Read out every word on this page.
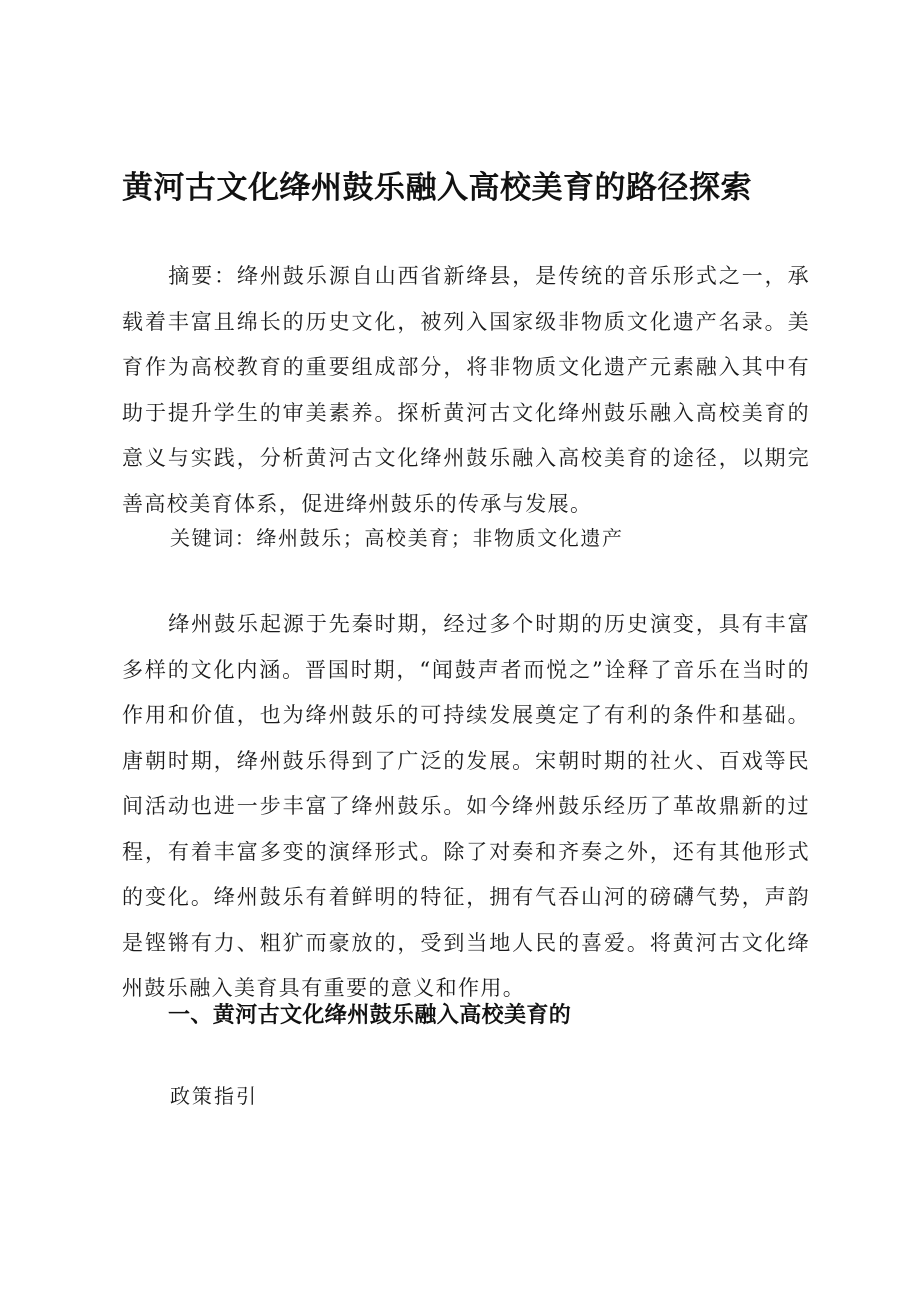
黄河古文化绛州鼓乐融入高校美育的路径探索

摘要：绛州鼓乐源自山西省新绛县，是传统的音乐形式之一，承载着丰富且绵长的历史文化，被列入国家级非物质文化遗产名录。美育作为高校教育的重要组成部分，将非物质文化遗产元素融入其中有助于提升学生的审美素养。探析黄河古文化绛州鼓乐融入高校美育的意义与实践，分析黄河古文化绛州鼓乐融入高校美育的途径，以期完善高校美育体系，促进绛州鼓乐的传承与发展。

关键词：绛州鼓乐；高校美育；非物质文化遗产

绛州鼓乐起源于先秦时期，经过多个时期的历史演变，具有丰富多样的文化内涵。晋国时期，“闻鼓声者而悦之”诠释了音乐在当时的作用和价值，也为绛州鼓乐的可持续发展奠定了有利的条件和基础。唐朝时期，绛州鼓乐得到了广泛的发展。宋朝时期的社火、百戏等民间活动也进一步丰富了绛州鼓乐。如今绛州鼓乐经历了革故鼎新的过程，有着丰富多变的演绎形式。除了对奏和齐奏之外，还有其他形式的变化。绛州鼓乐有着鲜明的特征，拥有气吞山河的磅礴气势，声韵是铿锵有力、粗犷而豪放的，受到当地人民的喜爱。将黄河古文化绛州鼓乐融入美育具有重要的意义和作用。

一、黄河古文化绛州鼓乐融入高校美育的

政策指引
